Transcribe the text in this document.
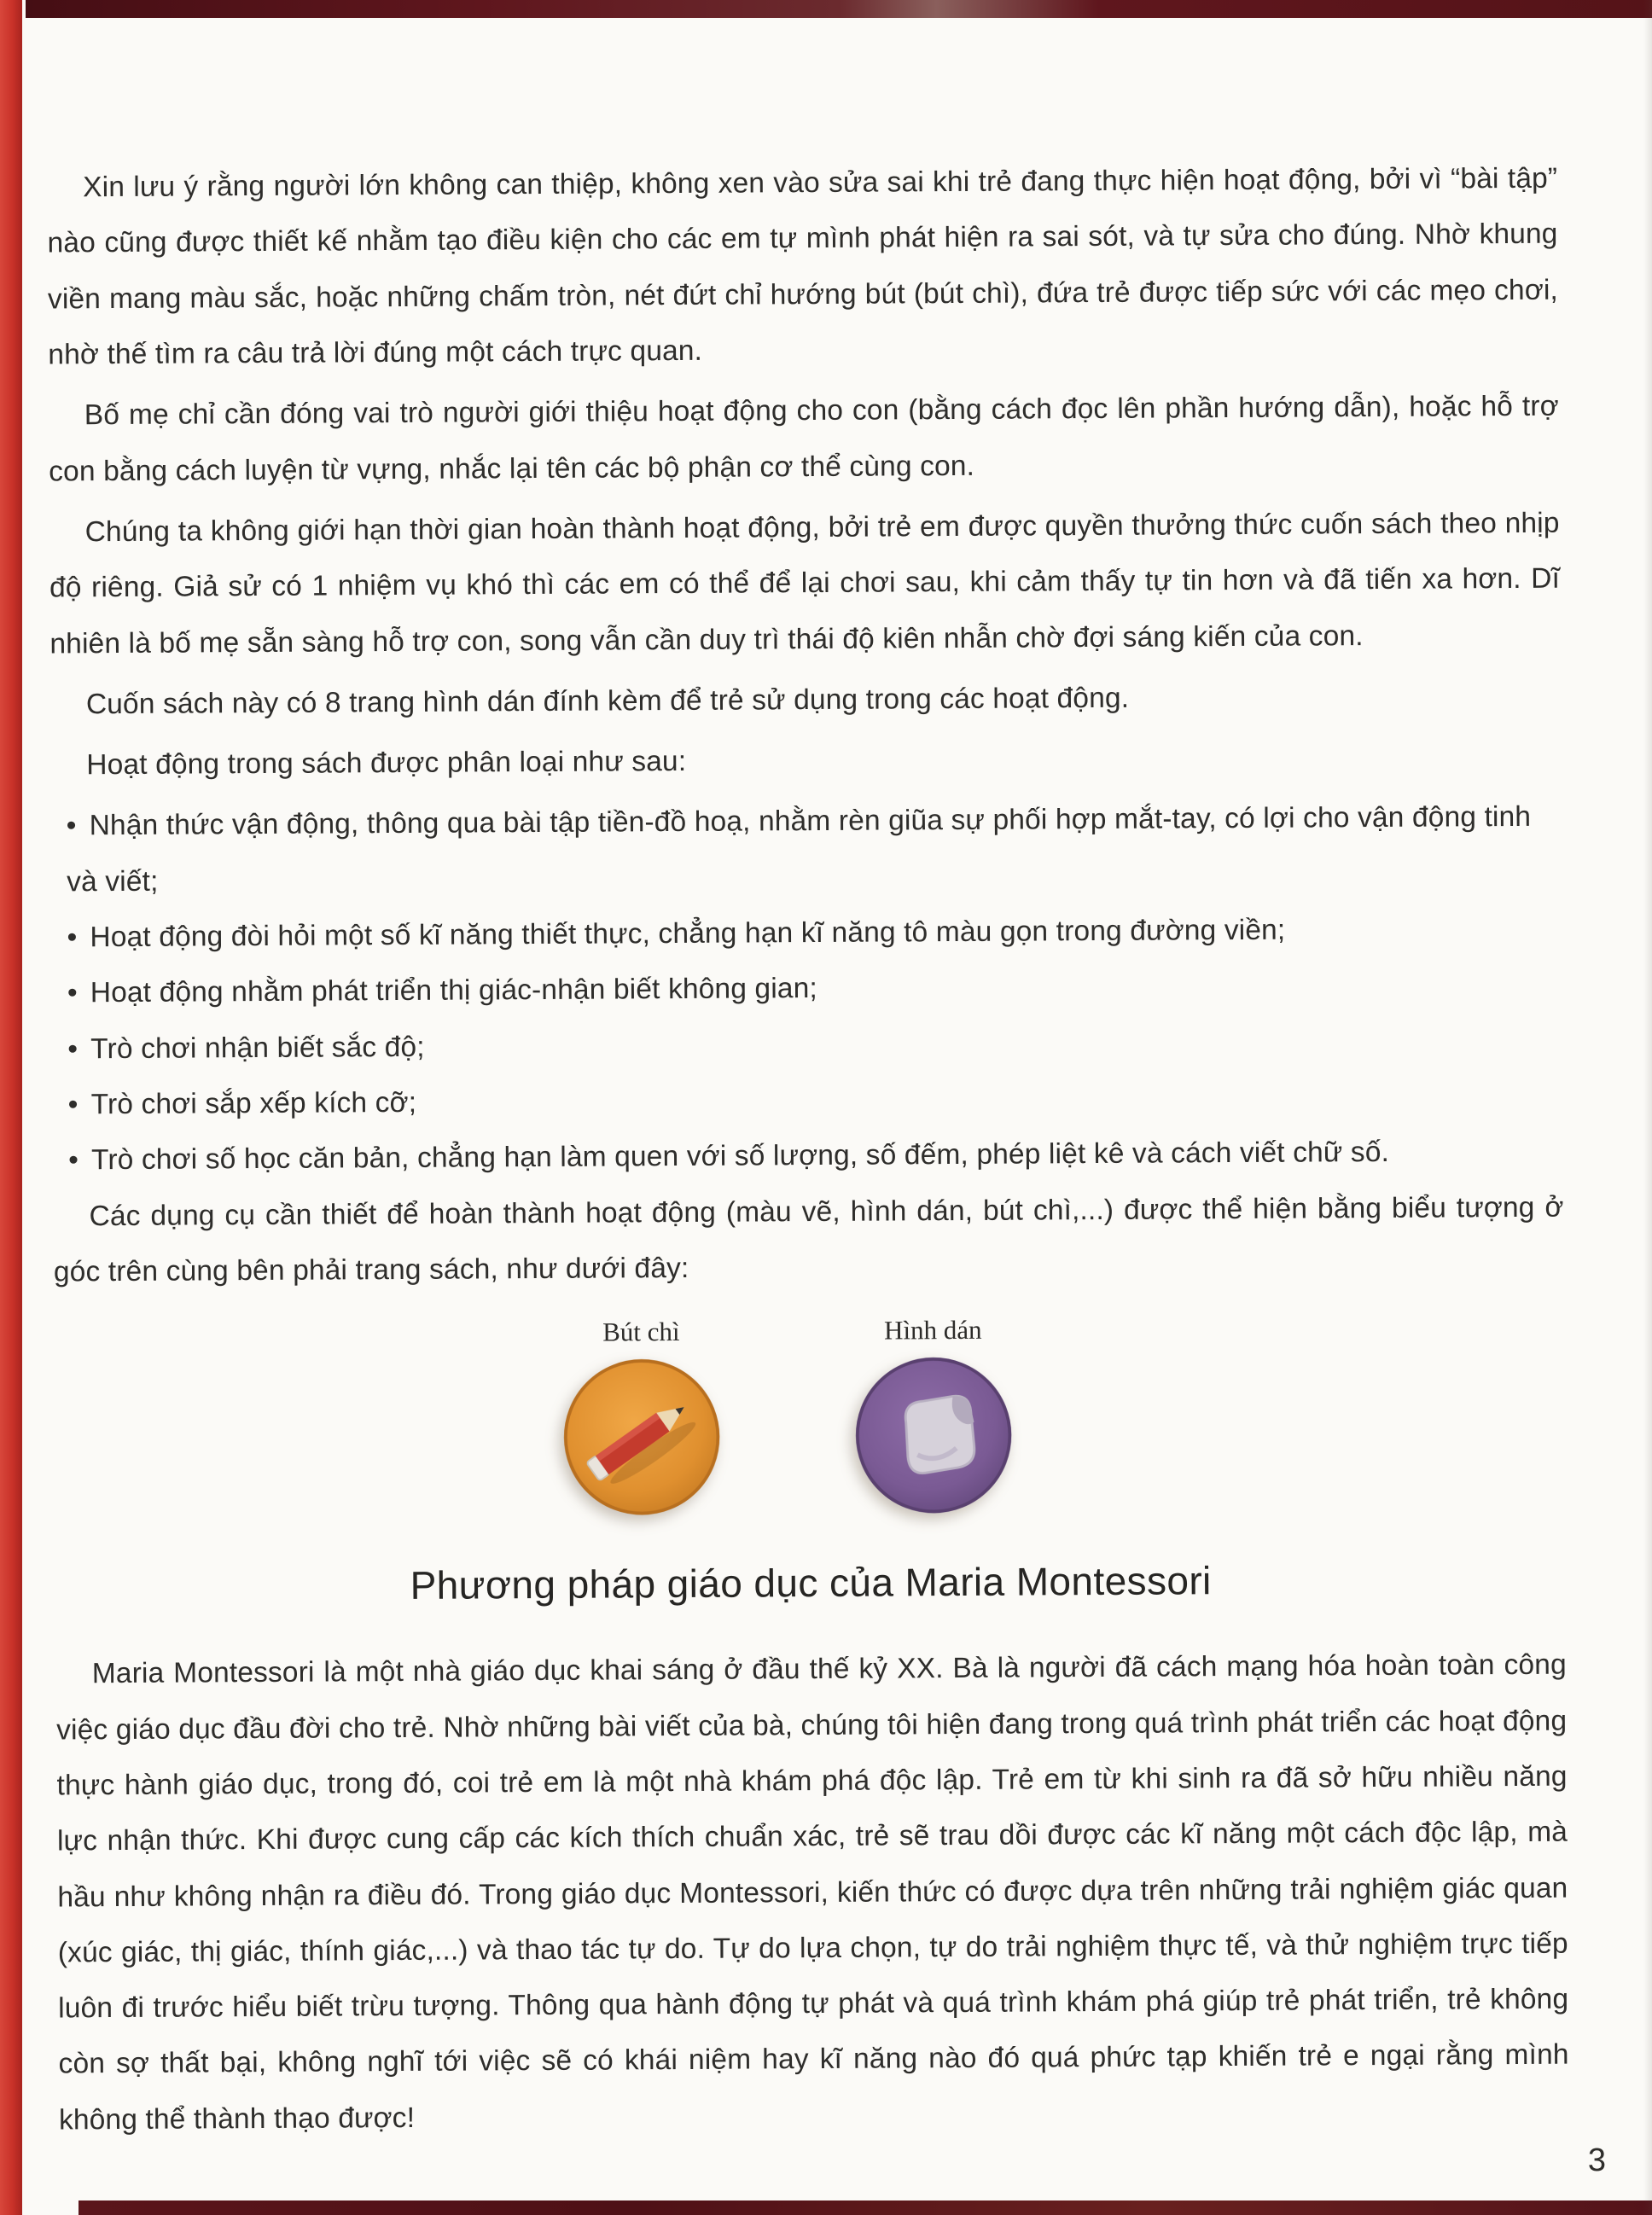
Xin lưu ý rằng người lớn không can thiệp, không xen vào sửa sai khi trẻ đang thực hiện hoạt động, bởi vì “bài tập” nào cũng được thiết kế nhằm tạo điều kiện cho các em tự mình phát hiện ra sai sót, và tự sửa cho đúng. Nhờ khung viền mang màu sắc, hoặc những chấm tròn, nét đứt chỉ hướng bút (bút chì), đứa trẻ được tiếp sức với các mẹo chơi, nhờ thế tìm ra câu trả lời đúng một cách trực quan.

Bố mẹ chỉ cần đóng vai trò người giới thiệu hoạt động cho con (bằng cách đọc lên phần hướng dẫn), hoặc hỗ trợ con bằng cách luyện từ vựng, nhắc lại tên các bộ phận cơ thể cùng con.

Chúng ta không giới hạn thời gian hoàn thành hoạt động, bởi trẻ em được quyền thưởng thức cuốn sách theo nhịp độ riêng. Giả sử có 1 nhiệm vụ khó thì các em có thể để lại chơi sau, khi cảm thấy tự tin hơn và đã tiến xa hơn. Dĩ nhiên là bố mẹ sẵn sàng hỗ trợ con, song vẫn cần duy trì thái độ kiên nhẫn chờ đợi sáng kiến của con.

Cuốn sách này có 8 trang hình dán đính kèm để trẻ sử dụng trong các hoạt động.

Hoạt động trong sách được phân loại như sau:

• Nhận thức vận động, thông qua bài tập tiền-đồ hoạ, nhằm rèn giũa sự phối hợp mắt-tay, có lợi cho vận động tinh và viết;
• Hoạt động đòi hỏi một số kĩ năng thiết thực, chẳng hạn kĩ năng tô màu gọn trong đường viền;
• Hoạt động nhằm phát triển thị giác-nhận biết không gian;
• Trò chơi nhận biết sắc độ;
• Trò chơi sắp xếp kích cỡ;
• Trò chơi số học căn bản, chẳng hạn làm quen với số lượng, số đếm, phép liệt kê và cách viết chữ số.

Các dụng cụ cần thiết để hoàn thành hoạt động (màu vẽ, hình dán, bút chì,...) được thể hiện bằng biểu tượng ở góc trên cùng bên phải trang sách, như dưới đây:

Bút chì	Hình dán
Phương pháp giáo dục của Maria Montessori

Maria Montessori là một nhà giáo dục khai sáng ở đầu thế kỷ XX. Bà là người đã cách mạng hóa hoàn toàn công việc giáo dục đầu đời cho trẻ. Nhờ những bài viết của bà, chúng tôi hiện đang trong quá trình phát triển các hoạt động thực hành giáo dục, trong đó, coi trẻ em là một nhà khám phá độc lập. Trẻ em từ khi sinh ra đã sở hữu nhiều năng lực nhận thức. Khi được cung cấp các kích thích chuẩn xác, trẻ sẽ trau dồi được các kĩ năng một cách độc lập, mà hầu như không nhận ra điều đó. Trong giáo dục Montessori, kiến thức có được dựa trên những trải nghiệm giác quan (xúc giác, thị giác, thính giác,...) và thao tác tự do. Tự do lựa chọn, tự do trải nghiệm thực tế, và thử nghiệm trực tiếp luôn đi trước hiểu biết trừu tượng. Thông qua hành động tự phát và quá trình khám phá giúp trẻ phát triển, trẻ không còn sợ thất bại, không nghĩ tới việc sẽ có khái niệm hay kĩ năng nào đó quá phức tạp khiến trẻ e ngại rằng mình không thể thành thạo được!

3
